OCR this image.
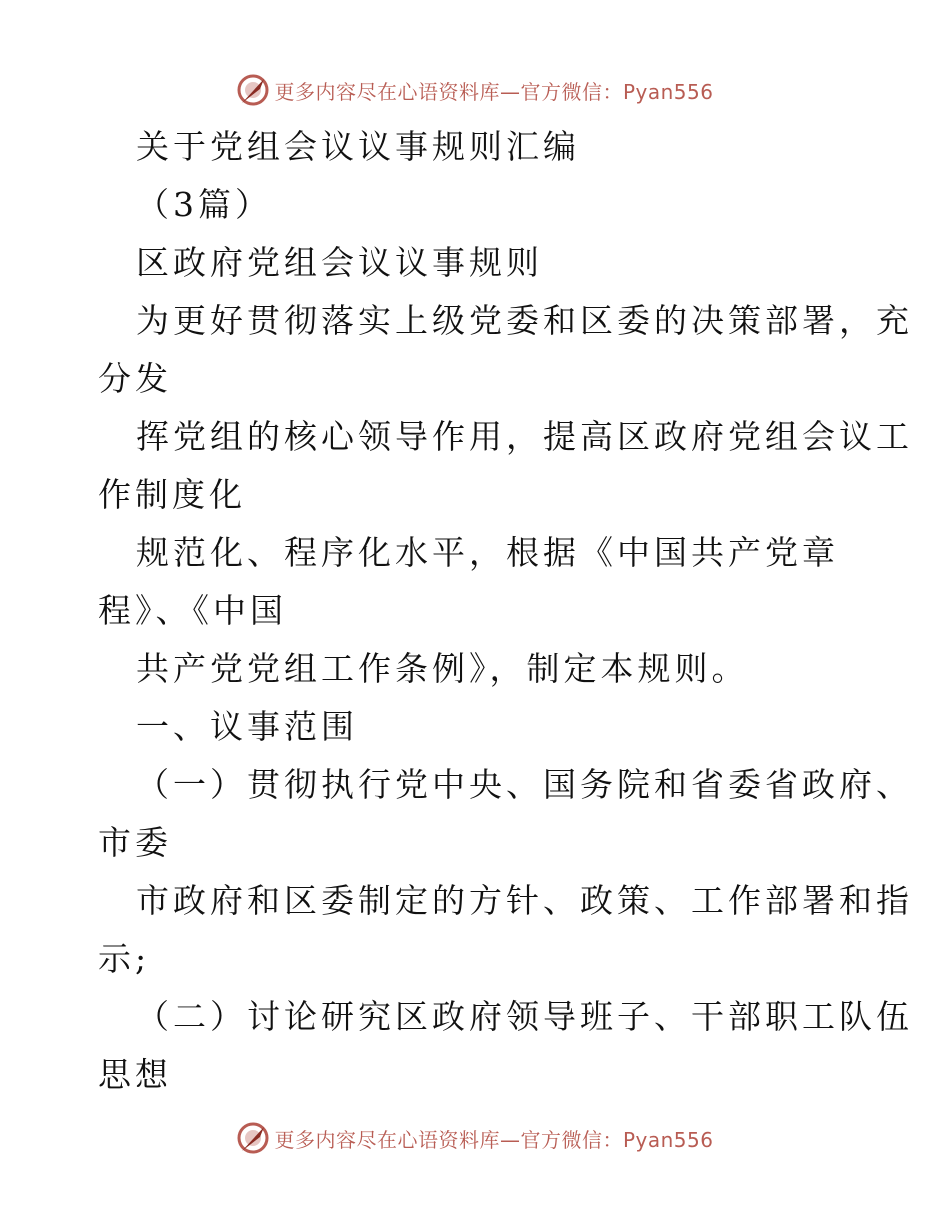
更多内容尽在心语资料库—官方微信：Pyan556

关于党组会议议事规则汇编

（3篇）

区政府党组会议议事规则

为更好贯彻落实上级党委和区委的决策部署，充

分发

挥党组的核心领导作用，提高区政府党组会议工

作制度化

规范化、程序化水平，根据《中国共产党章

程》、《中国

共产党党组工作条例》，制定本规则。

一、议事范围

（一）贯彻执行党中央、国务院和省委省政府、

市委

市政府和区委制定的方针、政策、工作部署和指

示;

（二）讨论研究区政府领导班子、干部职工队伍

思想

更多内容尽在心语资料库—官方微信：Pyan556
